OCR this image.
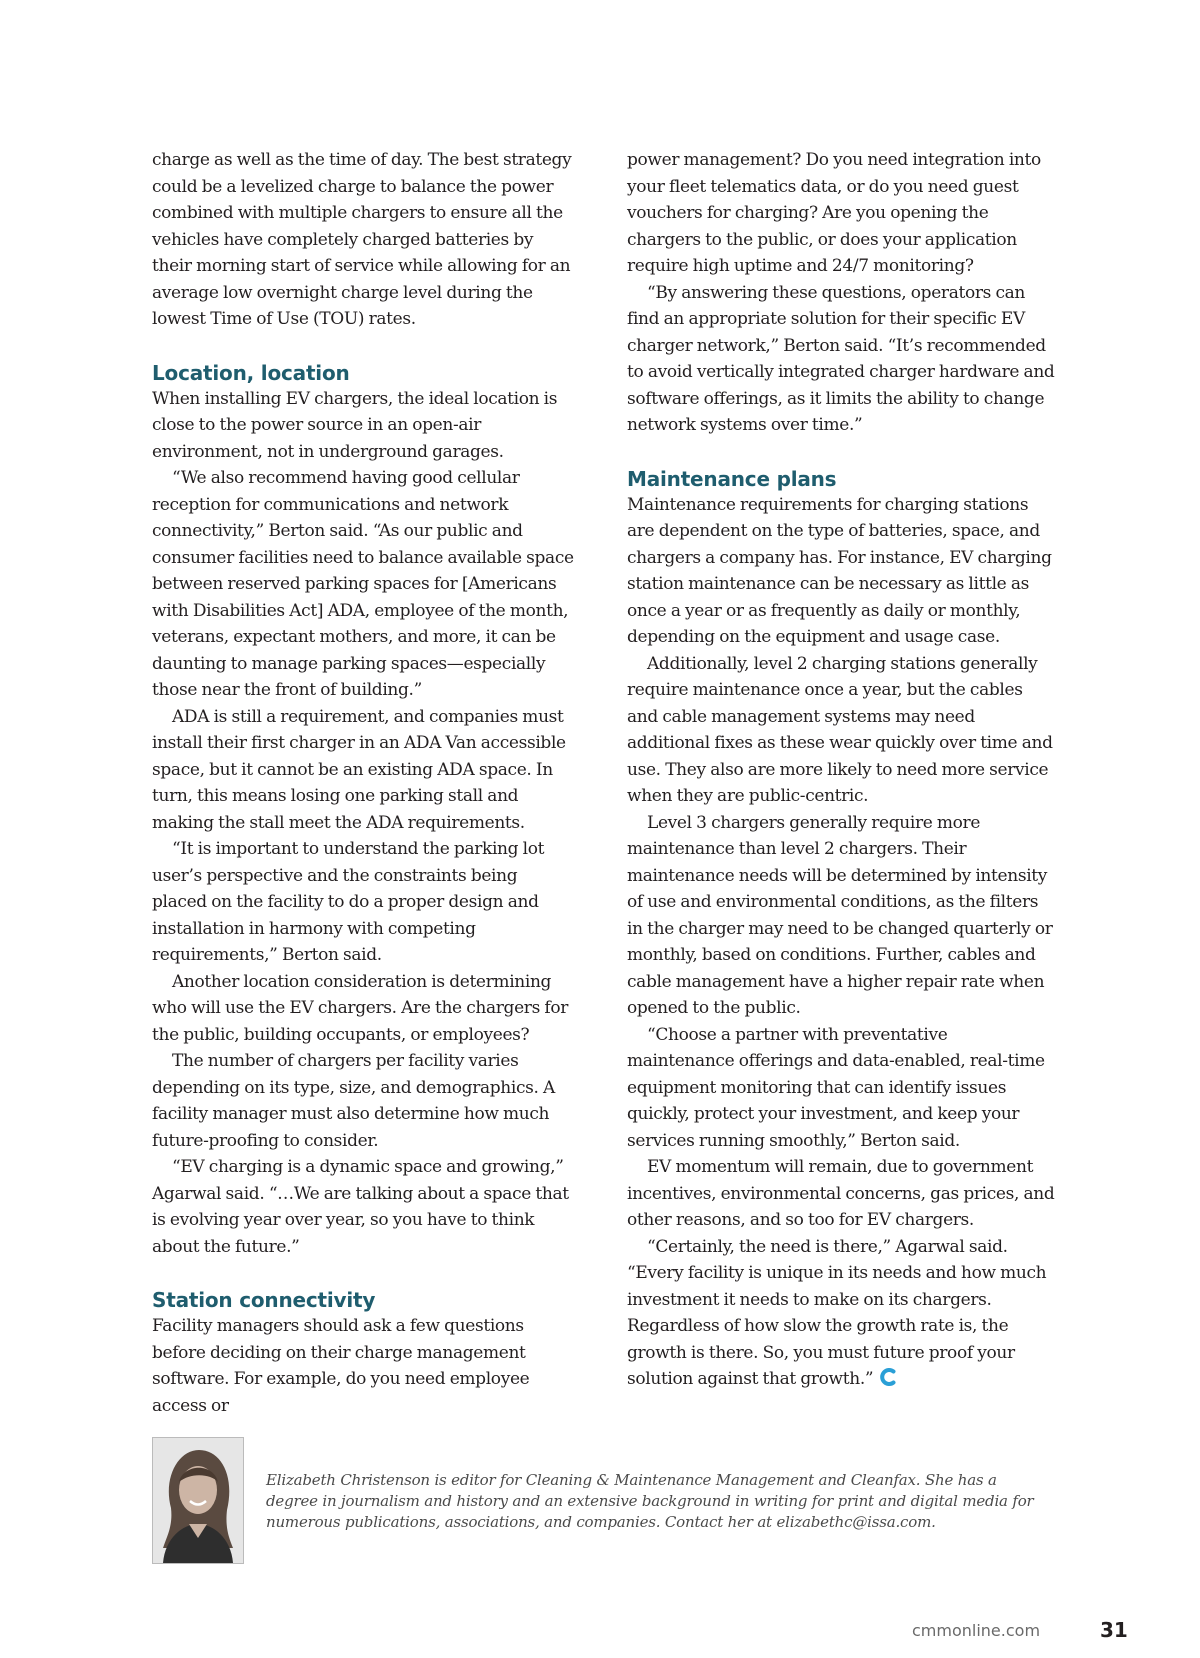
charge as well as the time of day. The best strategy could be a levelized charge to balance the power combined with multiple chargers to ensure all the vehicles have completely charged batteries by their morning start of service while allowing for an average low overnight charge level during the lowest Time of Use (TOU) rates.

Location, location

When installing EV chargers, the ideal location is close to the power source in an open-air environment, not in underground garages.

“We also recommend having good cellular reception for communications and network connectivity,” Berton said. “As our public and consumer facilities need to balance available space between reserved parking spaces for [Americans with Disabilities Act] ADA, employee of the month, veterans, expectant mothers, and more, it can be daunting to manage parking spaces—especially those near the front of building.”

ADA is still a requirement, and companies must install their first charger in an ADA Van accessible space, but it cannot be an existing ADA space. In turn, this means losing one parking stall and making the stall meet the ADA requirements.

“It is important to understand the parking lot user’s perspective and the constraints being placed on the facility to do a proper design and installation in harmony with competing requirements,” Berton said.

Another location consideration is determining who will use the EV chargers. Are the chargers for the public, building occupants, or employees?

The number of chargers per facility varies depending on its type, size, and demographics. A facility manager must also determine how much future-proofing to consider.

“EV charging is a dynamic space and growing,” Agarwal said. “…We are talking about a space that is evolving year over year, so you have to think about the future.”

Station connectivity

Facility managers should ask a few questions before deciding on their charge management software. For example, do you need employee access or

power management? Do you need integration into your fleet telematics data, or do you need guest vouchers for charging? Are you opening the chargers to the public, or does your application require high uptime and 24/7 monitoring?

“By answering these questions, operators can find an appropriate solution for their specific EV charger network,” Berton said. “It’s recommended to avoid vertically integrated charger hardware and software offerings, as it limits the ability to change network systems over time.”

Maintenance plans

Maintenance requirements for charging stations are dependent on the type of batteries, space, and chargers a company has. For instance, EV charging station maintenance can be necessary as little as once a year or as frequently as daily or monthly, depending on the equipment and usage case.

Additionally, level 2 charging stations generally require maintenance once a year, but the cables and cable management systems may need additional fixes as these wear quickly over time and use. They also are more likely to need more service when they are public-centric.

Level 3 chargers generally require more maintenance than level 2 chargers. Their maintenance needs will be determined by intensity of use and environmental conditions, as the filters in the charger may need to be changed quarterly or monthly, based on conditions. Further, cables and cable management have a higher repair rate when opened to the public.

“Choose a partner with preventative maintenance offerings and data-enabled, real-time equipment monitoring that can identify issues quickly, protect your investment, and keep your services running smoothly,” Berton said.

EV momentum will remain, due to government incentives, environmental concerns, gas prices, and other reasons, and so too for EV chargers.

“Certainly, the need is there,” Agarwal said. “Every facility is unique in its needs and how much investment it needs to make on its chargers. Regardless of how slow the growth rate is, the growth is there. So, you must future proof your solution against that growth.”

Elizabeth Christenson is editor for Cleaning & Maintenance Management and Cleanfax. She has a degree in journalism and history and an extensive background in writing for print and digital media for numerous publications, associations, and companies. Contact her at elizabethc@issa.com.

cmmonline.com	31
